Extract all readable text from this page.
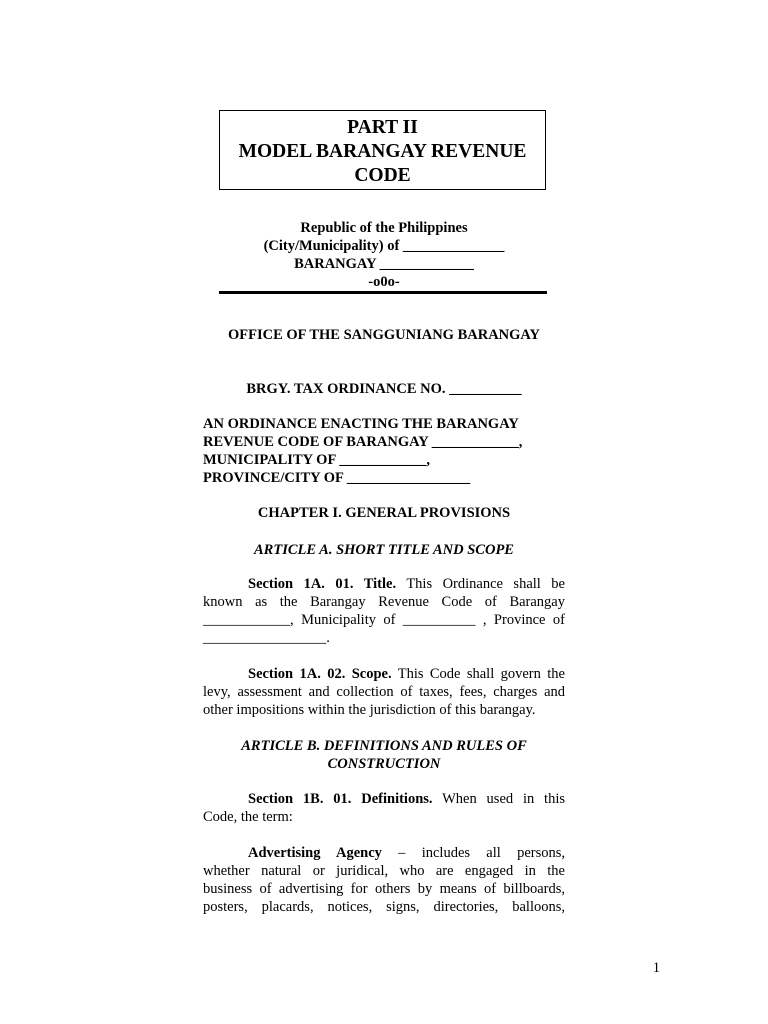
PART II
MODEL BARANGAY REVENUE
CODE
Republic of the Philippines
(City/Municipality) of ______________
BARANGAY _____________
-o0o-
OFFICE OF THE SANGGUNIANG BARANGAY
BRGY. TAX ORDINANCE NO. __________
AN ORDINANCE ENACTING THE BARANGAY
REVENUE CODE OF BARANGAY ____________,
MUNICIPALITY OF ____________,
PROVINCE/CITY OF _________________
CHAPTER I. GENERAL PROVISIONS
ARTICLE A. SHORT TITLE AND SCOPE
Section 1A. 01. Title. This Ordinance shall be
known as the Barangay Revenue Code of Barangay
____________, Municipality of __________ , Province of
_________________.
Section 1A. 02. Scope. This Code shall govern the
levy, assessment and collection of taxes, fees, charges and
other impositions within the jurisdiction of this barangay.
ARTICLE B. DEFINITIONS AND RULES OF
CONSTRUCTION
Section 1B. 01. Definitions. When used in this
Code, the term:
Advertising Agency – includes all persons,
whether natural or juridical, who are engaged in the
business of advertising for others by means of billboards,
posters, placards, notices, signs, directories, balloons,
1
